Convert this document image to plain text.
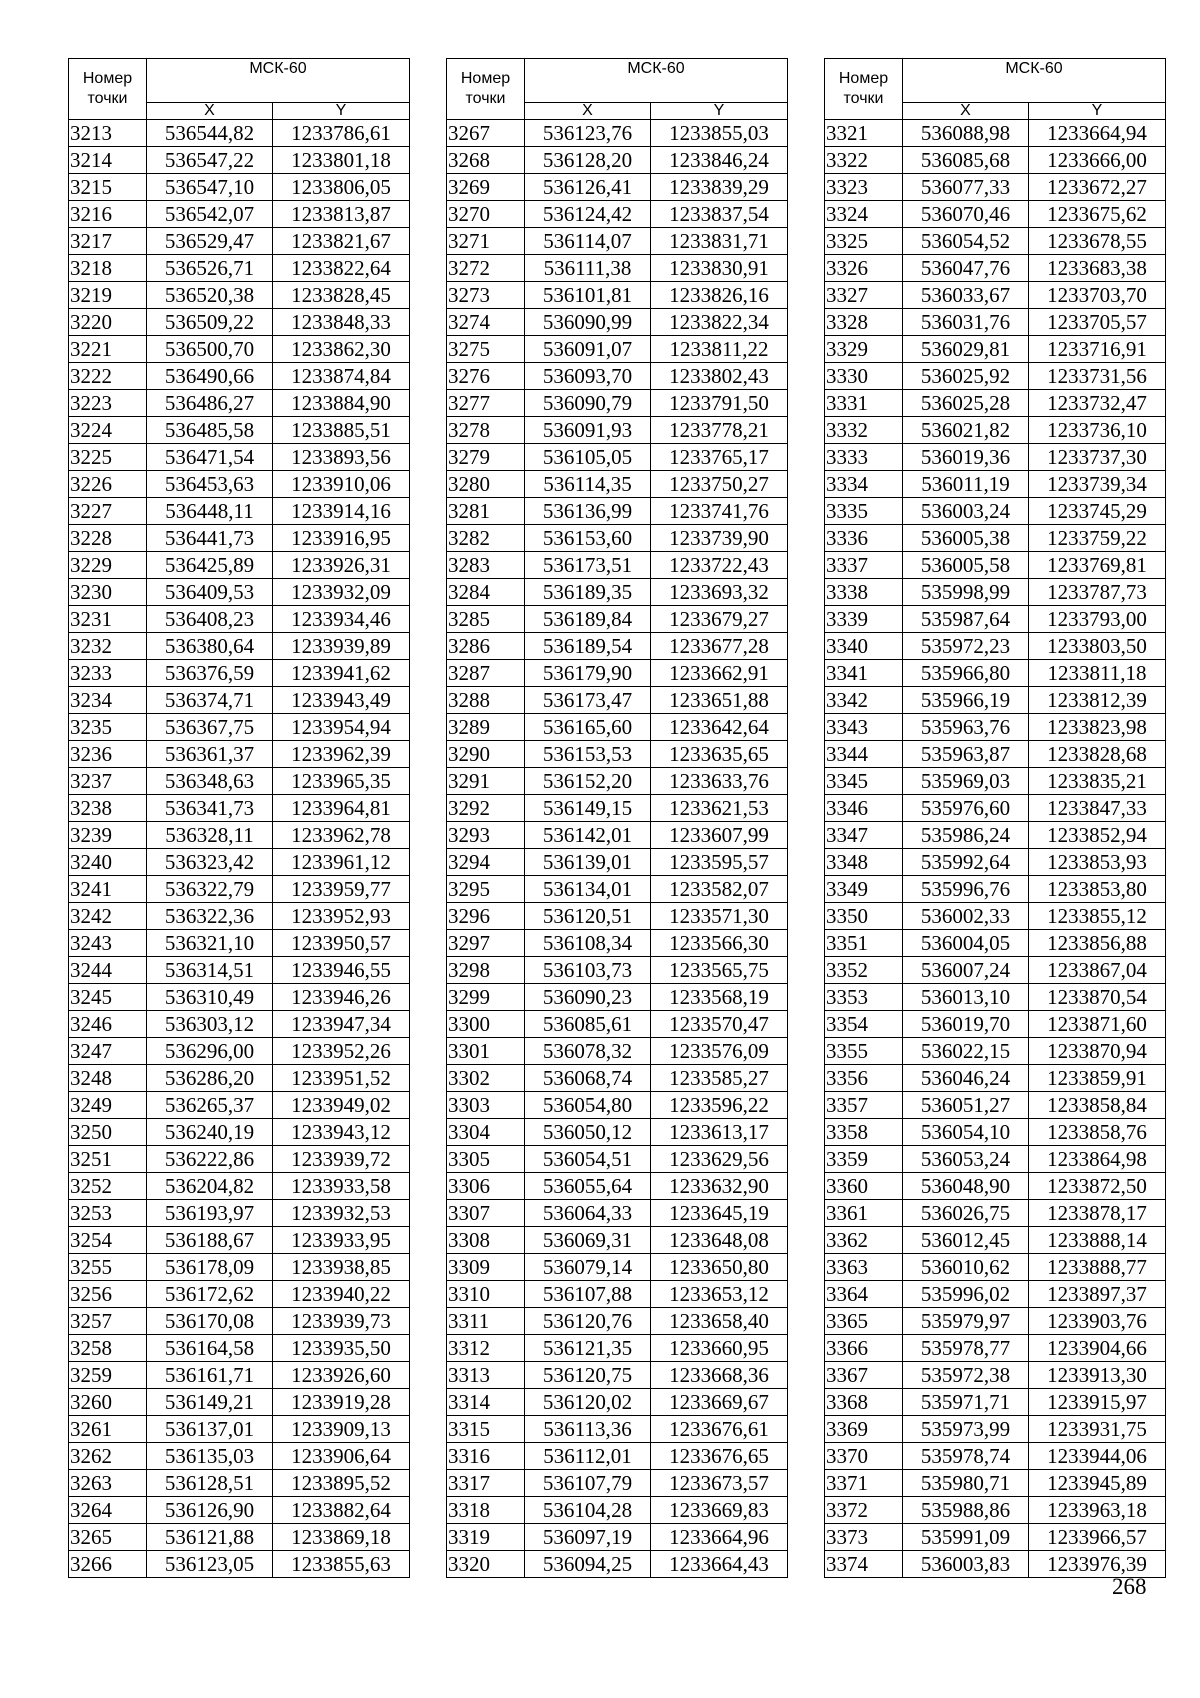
Номер
точки	МСК-60	
	X	Y
3213	536544,82	1233786,61
3214	536547,22	1233801,18
3215	536547,10	1233806,05
3216	536542,07	1233813,87
3217	536529,47	1233821,67
3218	536526,71	1233822,64
3219	536520,38	1233828,45
3220	536509,22	1233848,33
3221	536500,70	1233862,30
3222	536490,66	1233874,84
3223	536486,27	1233884,90
3224	536485,58	1233885,51
3225	536471,54	1233893,56
3226	536453,63	1233910,06
3227	536448,11	1233914,16
3228	536441,73	1233916,95
3229	536425,89	1233926,31
3230	536409,53	1233932,09
3231	536408,23	1233934,46
3232	536380,64	1233939,89
3233	536376,59	1233941,62
3234	536374,71	1233943,49
3235	536367,75	1233954,94
3236	536361,37	1233962,39
3237	536348,63	1233965,35
3238	536341,73	1233964,81
3239	536328,11	1233962,78
3240	536323,42	1233961,12
3241	536322,79	1233959,77
3242	536322,36	1233952,93
3243	536321,10	1233950,57
3244	536314,51	1233946,55
3245	536310,49	1233946,26
3246	536303,12	1233947,34
3247	536296,00	1233952,26
3248	536286,20	1233951,52
3249	536265,37	1233949,02
3250	536240,19	1233943,12
3251	536222,86	1233939,72
3252	536204,82	1233933,58
3253	536193,97	1233932,53
3254	536188,67	1233933,95
3255	536178,09	1233938,85
3256	536172,62	1233940,22
3257	536170,08	1233939,73
3258	536164,58	1233935,50
3259	536161,71	1233926,60
3260	536149,21	1233919,28
3261	536137,01	1233909,13
3262	536135,03	1233906,64
3263	536128,51	1233895,52
3264	536126,90	1233882,64
3265	536121,88	1233869,18
3266	536123,05	1233855,63
Номер
точки	МСК-60	
	X	Y
3267	536123,76	1233855,03
3268	536128,20	1233846,24
3269	536126,41	1233839,29
3270	536124,42	1233837,54
3271	536114,07	1233831,71
3272	536111,38	1233830,91
3273	536101,81	1233826,16
3274	536090,99	1233822,34
3275	536091,07	1233811,22
3276	536093,70	1233802,43
3277	536090,79	1233791,50
3278	536091,93	1233778,21
3279	536105,05	1233765,17
3280	536114,35	1233750,27
3281	536136,99	1233741,76
3282	536153,60	1233739,90
3283	536173,51	1233722,43
3284	536189,35	1233693,32
3285	536189,84	1233679,27
3286	536189,54	1233677,28
3287	536179,90	1233662,91
3288	536173,47	1233651,88
3289	536165,60	1233642,64
3290	536153,53	1233635,65
3291	536152,20	1233633,76
3292	536149,15	1233621,53
3293	536142,01	1233607,99
3294	536139,01	1233595,57
3295	536134,01	1233582,07
3296	536120,51	1233571,30
3297	536108,34	1233566,30
3298	536103,73	1233565,75
3299	536090,23	1233568,19
3300	536085,61	1233570,47
3301	536078,32	1233576,09
3302	536068,74	1233585,27
3303	536054,80	1233596,22
3304	536050,12	1233613,17
3305	536054,51	1233629,56
3306	536055,64	1233632,90
3307	536064,33	1233645,19
3308	536069,31	1233648,08
3309	536079,14	1233650,80
3310	536107,88	1233653,12
3311	536120,76	1233658,40
3312	536121,35	1233660,95
3313	536120,75	1233668,36
3314	536120,02	1233669,67
3315	536113,36	1233676,61
3316	536112,01	1233676,65
3317	536107,79	1233673,57
3318	536104,28	1233669,83
3319	536097,19	1233664,96
3320	536094,25	1233664,43
Номер
точки	МСК-60	
	X	Y
3321	536088,98	1233664,94
3322	536085,68	1233666,00
3323	536077,33	1233672,27
3324	536070,46	1233675,62
3325	536054,52	1233678,55
3326	536047,76	1233683,38
3327	536033,67	1233703,70
3328	536031,76	1233705,57
3329	536029,81	1233716,91
3330	536025,92	1233731,56
3331	536025,28	1233732,47
3332	536021,82	1233736,10
3333	536019,36	1233737,30
3334	536011,19	1233739,34
3335	536003,24	1233745,29
3336	536005,38	1233759,22
3337	536005,58	1233769,81
3338	535998,99	1233787,73
3339	535987,64	1233793,00
3340	535972,23	1233803,50
3341	535966,80	1233811,18
3342	535966,19	1233812,39
3343	535963,76	1233823,98
3344	535963,87	1233828,68
3345	535969,03	1233835,21
3346	535976,60	1233847,33
3347	535986,24	1233852,94
3348	535992,64	1233853,93
3349	535996,76	1233853,80
3350	536002,33	1233855,12
3351	536004,05	1233856,88
3352	536007,24	1233867,04
3353	536013,10	1233870,54
3354	536019,70	1233871,60
3355	536022,15	1233870,94
3356	536046,24	1233859,91
3357	536051,27	1233858,84
3358	536054,10	1233858,76
3359	536053,24	1233864,98
3360	536048,90	1233872,50
3361	536026,75	1233878,17
3362	536012,45	1233888,14
3363	536010,62	1233888,77
3364	535996,02	1233897,37
3365	535979,97	1233903,76
3366	535978,77	1233904,66
3367	535972,38	1233913,30
3368	535971,71	1233915,97
3369	535973,99	1233931,75
3370	535978,74	1233944,06
3371	535980,71	1233945,89
3372	535988,86	1233963,18
3373	535991,09	1233966,57
3374	536003,83	1233976,39
268
